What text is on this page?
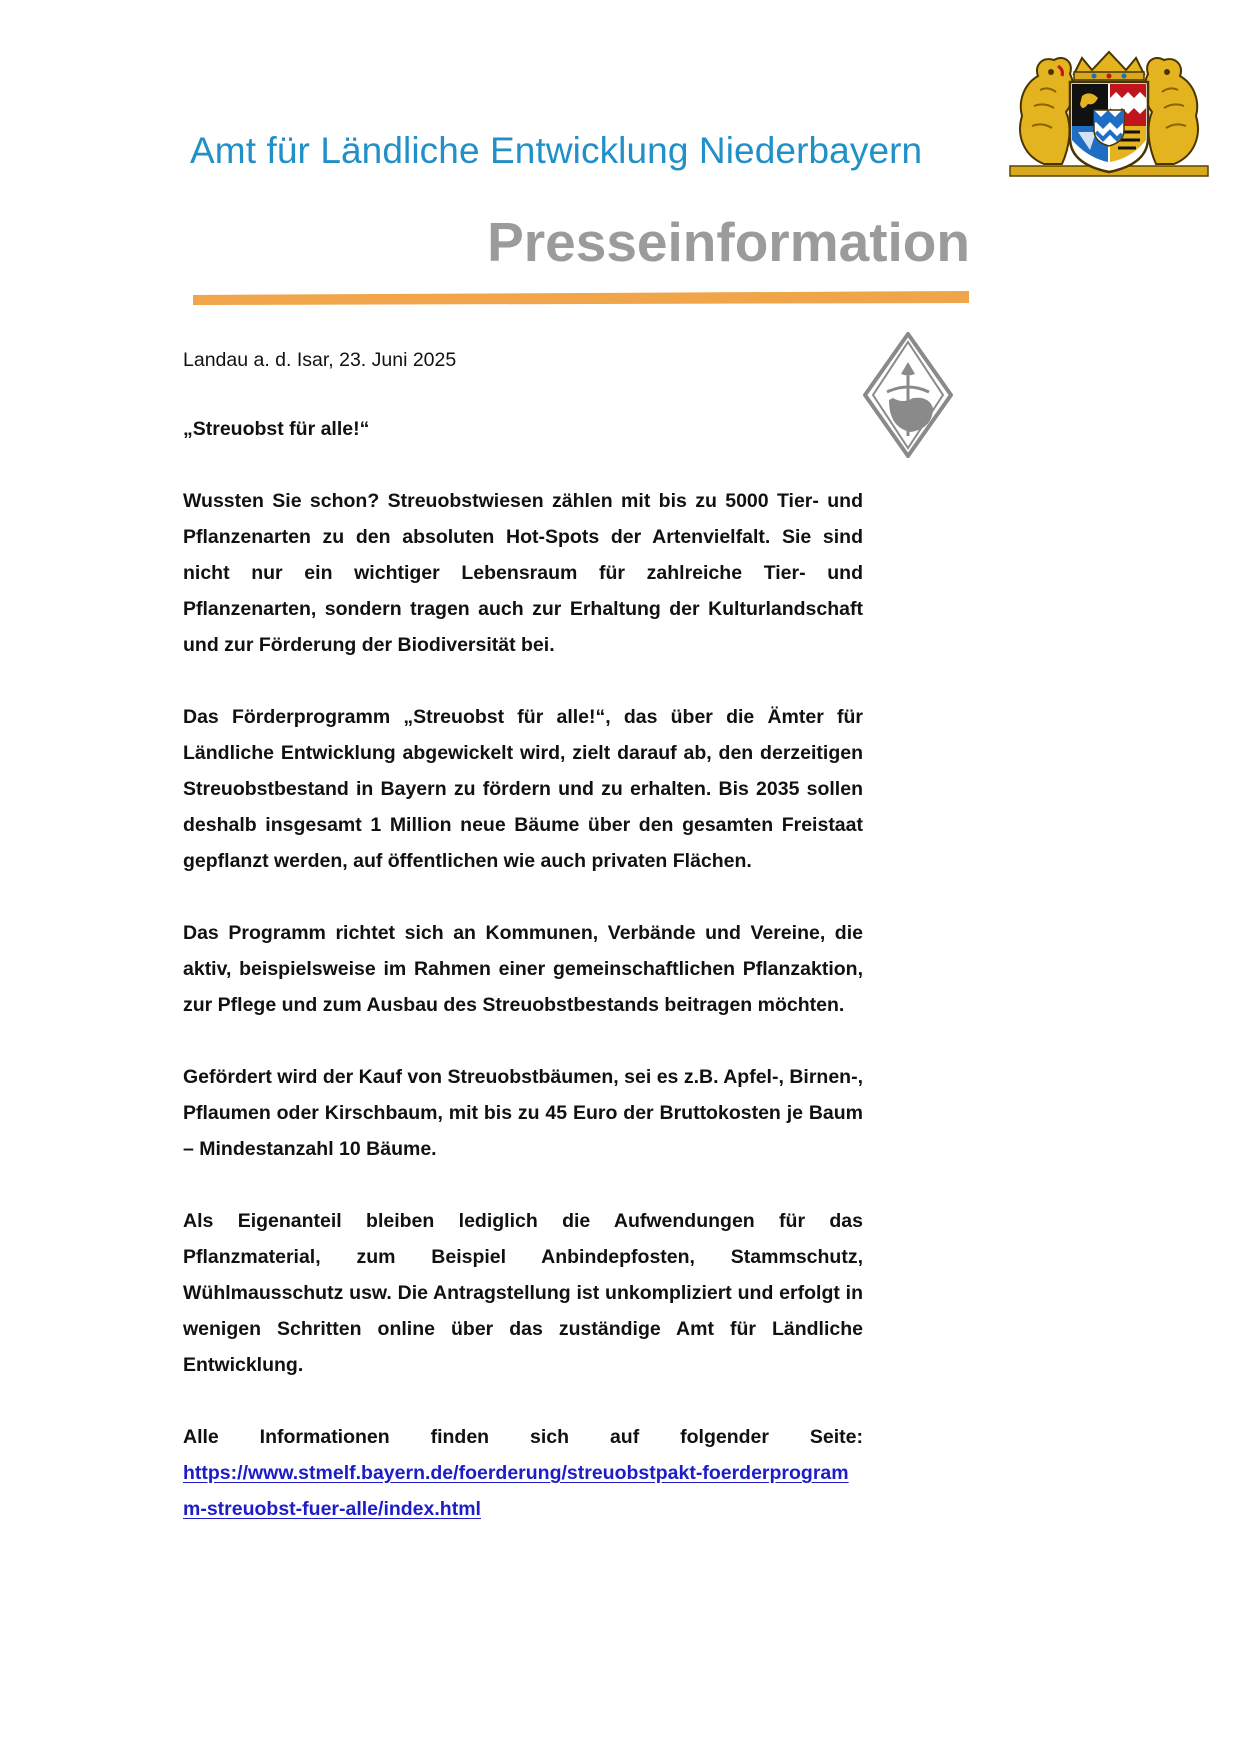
Amt für Ländliche Entwicklung Niederbayern
Presseinformation
Landau a. d. Isar, 23. Juni 2025

„Streuobst für alle!“

Wussten Sie schon? Streuobstwiesen zählen mit bis zu 5000 Tier- und Pflanzenarten zu den absoluten Hot-Spots der Artenvielfalt. Sie sind nicht nur ein wichtiger Lebensraum für zahlreiche Tier- und Pflanzenarten, sondern tragen auch zur Erhaltung der Kulturlandschaft und zur Förderung der Biodiversität bei.

Das Förderprogramm „Streuobst für alle!“, das über die Ämter für Ländliche Entwicklung abgewickelt wird, zielt darauf ab, den derzeitigen Streuobstbestand in Bayern zu fördern und zu erhalten. Bis 2035 sollen deshalb insgesamt 1 Million neue Bäume über den gesamten Freistaat gepflanzt werden, auf öffentlichen wie auch privaten Flächen.

Das Programm richtet sich an Kommunen, Verbände und Vereine, die aktiv, beispielsweise im Rahmen einer gemeinschaftlichen Pflanzaktion, zur Pflege und zum Ausbau des Streuobstbestands beitragen möchten.

Gefördert wird der Kauf von Streuobstbäumen, sei es z.B. Apfel-, Birnen-, Pflaumen oder Kirschbaum, mit bis zu 45 Euro der Bruttokosten je Baum – Mindestanzahl 10 Bäume.

Als Eigenanteil bleiben lediglich die Aufwendungen für das Pflanzmaterial, zum Beispiel Anbindepfosten, Stammschutz, Wühlmausschutz usw. Die Antragstellung ist unkompliziert und erfolgt in wenigen Schritten online über das zuständige Amt für Ländliche Entwicklung.

Alle Informationen finden sich auf folgender Seite:
https://www.stmelf.bayern.de/foerderung/streuobstpakt-foerderprogramm-streuobst-fuer-alle/index.html
